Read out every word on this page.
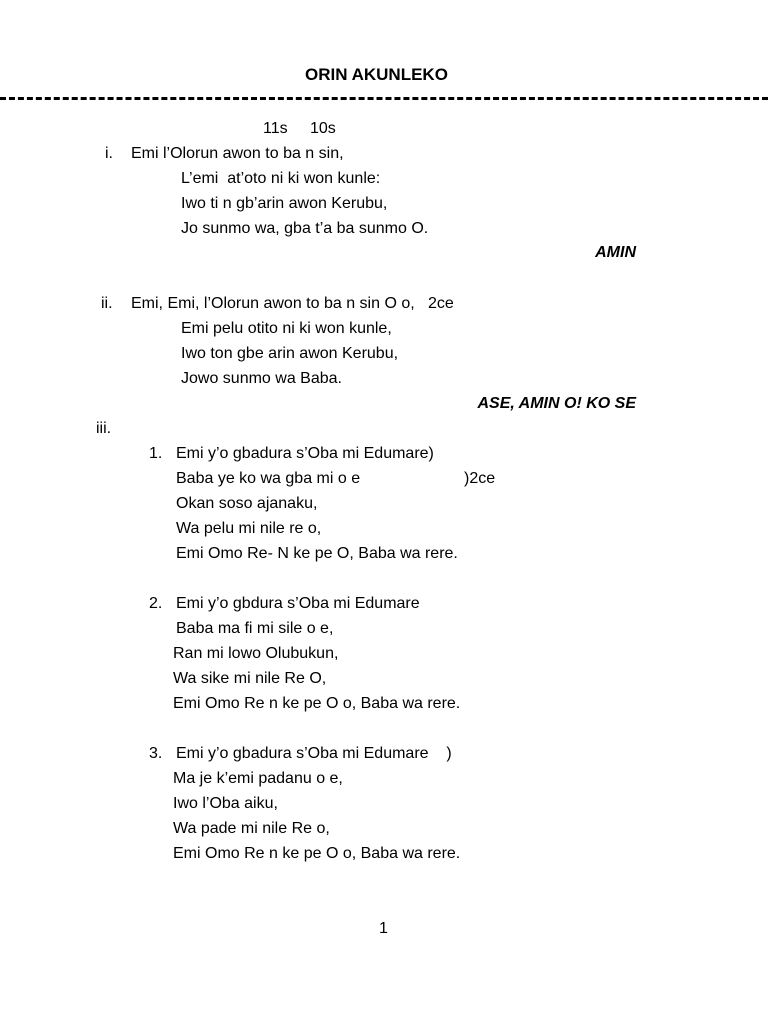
ORIN AKUNLEKO
11s 10s
i. Emi l’Olorun awon to ba n sin,
L’emi  at’oto ni ki won kunle:
Iwo ti n gb’arin awon Kerubu,
Jo sunmo wa, gba t’a ba sunmo O.
AMIN
ii. Emi, Emi, l’Olorun awon to ba n sin O o,   2ce
Emi pelu otito ni ki won kunle,
Iwo ton gbe arin awon Kerubu,
Jowo sunmo wa Baba.
ASE, AMIN O! KO SE
iii.
1. Emi y’o gbadura s’Oba mi Edumare)
Baba ye ko wa gba mi o e	)2ce
Okan soso ajanaku,
Wa pelu mi nile re o,
Emi Omo Re- N ke pe O, Baba wa rere.
2. Emi y’o gbdura s’Oba mi Edumare
Baba ma fi mi sile o e,
Ran mi lowo Olubukun,
Wa sike mi nile Re O,
Emi Omo Re n ke pe O o, Baba wa rere.
3. Emi y’o gbadura s’Oba mi Edumare    )
Ma je k’emi padanu o e,
Iwo l’Oba aiku,
Wa pade mi nile Re o,
Emi Omo Re n ke pe O o, Baba wa rere.
1
